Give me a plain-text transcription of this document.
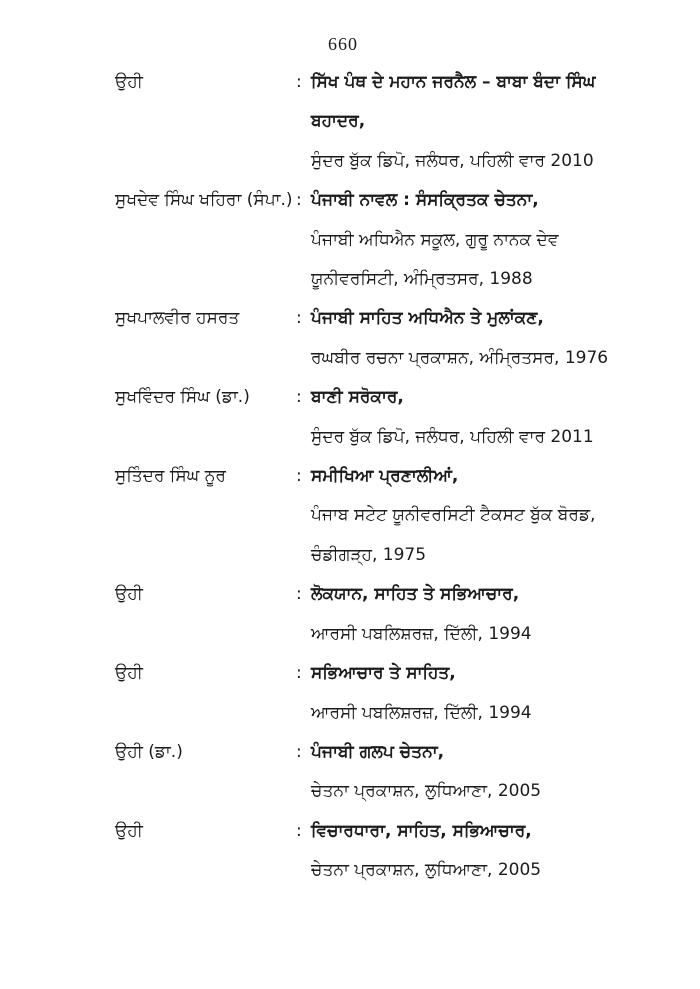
660
ਉਹੀ	: ਸਿੱਖ ਪੰਥ ਦੇ ਮਹਾਨ ਜਰਨੈਲ – ਬਾਬਾ ਬੰਦਾ ਸਿੰਘ
ਬਹਾਦਰ,
ਸੁੰਦਰ ਬੁੱਕ ਡਿਪੋ, ਜਲੰਧਰ, ਪਹਿਲੀ ਵਾਰ 2010
ਸੁਖਦੇਵ ਸਿੰਘ ਖਹਿਰਾ (ਸੰਪਾ.) : ਪੰਜਾਬੀ ਨਾਵਲ : ਸੰਸਕ੍ਰਿਤਕ ਚੇਤਨਾ,
ਪੰਜਾਬੀ ਅਧਿਐਨ ਸਕੂਲ, ਗੁਰੂ ਨਾਨਕ ਦੇਵ
ਯੂਨੀਵਰਸਿਟੀ, ਅੰਮ੍ਰਿਤਸਰ, 1988
ਸੁਖਪਾਲਵੀਰ ਹਸਰਤ	: ਪੰਜਾਬੀ ਸਾਹਿਤ ਅਧਿਐਨ ਤੇ ਮੁਲਾਂਕਣ,
ਰਘਬੀਰ ਰਚਨਾ ਪ੍ਰਕਾਸ਼ਨ, ਅੰਮ੍ਰਿਤਸਰ, 1976
ਸੁਖਵਿੰਦਰ ਸਿੰਘ (ਡਾ.)	: ਬਾਣੀ ਸਰੋਕਾਰ,
ਸੁੰਦਰ ਬੁੱਕ ਡਿਪੋ, ਜਲੰਧਰ, ਪਹਿਲੀ ਵਾਰ 2011
ਸੁਤਿੰਦਰ ਸਿੰਘ ਨੂਰ	: ਸਮੀਖਿਆ ਪ੍ਰਣਾਲੀਆਂ,
ਪੰਜਾਬ ਸਟੇਟ ਯੂਨੀਵਰਸਿਟੀ ਟੈਕਸਟ ਬੁੱਕ ਬੋਰਡ,
ਚੰਡੀਗੜ੍ਹ, 1975
ਉਹੀ	: ਲੋਕਯਾਨ, ਸਾਹਿਤ ਤੇ ਸਭਿਆਚਾਰ,
ਆਰਸੀ ਪਬਲਿਸ਼ਰਜ਼, ਦਿੱਲੀ, 1994
ਉਹੀ	: ਸਭਿਆਚਾਰ ਤੇ ਸਾਹਿਤ,
ਆਰਸੀ ਪਬਲਿਸ਼ਰਜ਼, ਦਿੱਲੀ, 1994
ਉਹੀ (ਡਾ.)	: ਪੰਜਾਬੀ ਗਲਪ ਚੇਤਨਾ,
ਚੇਤਨਾ ਪ੍ਰਕਾਸ਼ਨ, ਲੁਧਿਆਣਾ, 2005
ਉਹੀ	: ਵਿਚਾਰਧਾਰਾ, ਸਾਹਿਤ, ਸਭਿਆਚਾਰ,
ਚੇਤਨਾ ਪ੍ਰਕਾਸ਼ਨ, ਲੁਧਿਆਣਾ, 2005
